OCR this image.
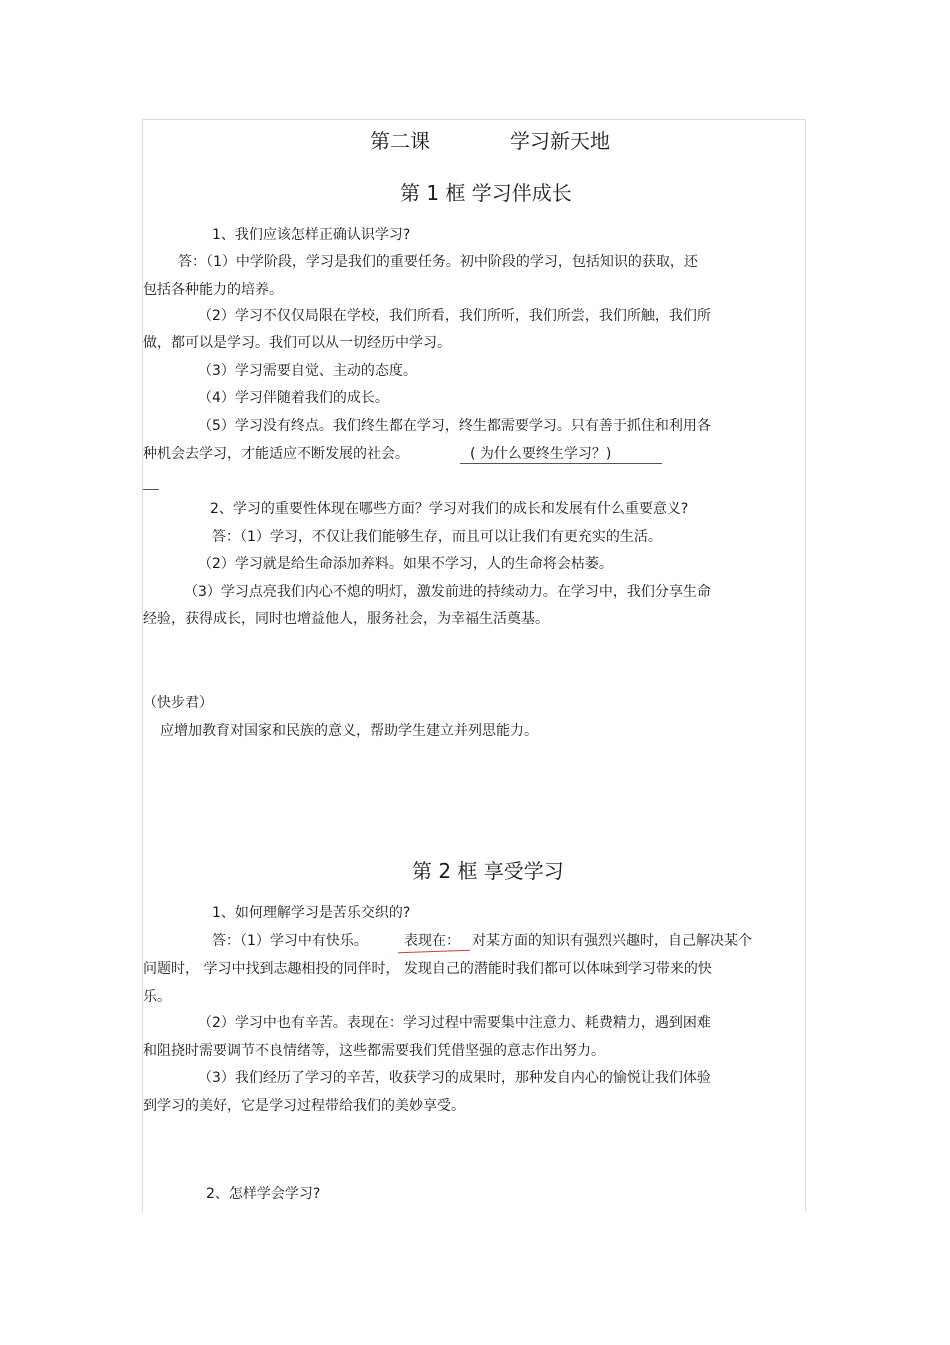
第二课	学习新天地
第 1 框 学习伴成长
1、我们应该怎样正确认识学习?
答：（1）中学阶段，学习是我们的重要任务。初中阶段的学习，包括知识的获取，还
包括各种能力的培养。
（2）学习不仅仅局限在学校，我们所看，我们所听，我们所尝，我们所触，我们所
做，都可以是学习。我们可以从一切经历中学习。
（3）学习需要自觉、主动的态度。
（4）学习伴随着我们的成长。
（5）学习没有终点。我们终生都在学习，终生都需要学习。只有善于抓住和利用各
种机会去学习，才能适应不断发展的社会。	( 为什么要终生学习？)
2、学习的重要性体现在哪些方面？学习对我们的成长和发展有什么重要意义?
答：（1）学习，不仅让我们能够生存，而且可以让我们有更充实的生活。
（2）学习就是给生命添加养料。如果不学习，人的生命将会枯萎。
（3）学习点亮我们内心不熄的明灯，激发前进的持续动力。在学习中，我们分享生命
经验，获得成长，同时也增益他人，服务社会，为幸福生活奠基。
（快步君）
应增加教育对国家和民族的意义，帮助学生建立并列思能力。
第 2 框 享受学习
1、如何理解学习是苦乐交织的?
答：（1）学习中有快乐。	表现在： 对某方面的知识有强烈兴趣时，自己解决某个
问题时， 学习中找到志趣相投的同伴时， 发现自己的潜能时我们都可以体味到学习带来的快
乐。
（2）学习中也有辛苦。表现在：学习过程中需要集中注意力、耗费精力，遇到困难
和阻挠时需要调节不良情绪等，这些都需要我们凭借坚强的意志作出努力。
（3）我们经历了学习的辛苦，收获学习的成果时，那种发自内心的愉悦让我们体验
到学习的美好，它是学习过程带给我们的美妙享受。
2、怎样学会学习?
